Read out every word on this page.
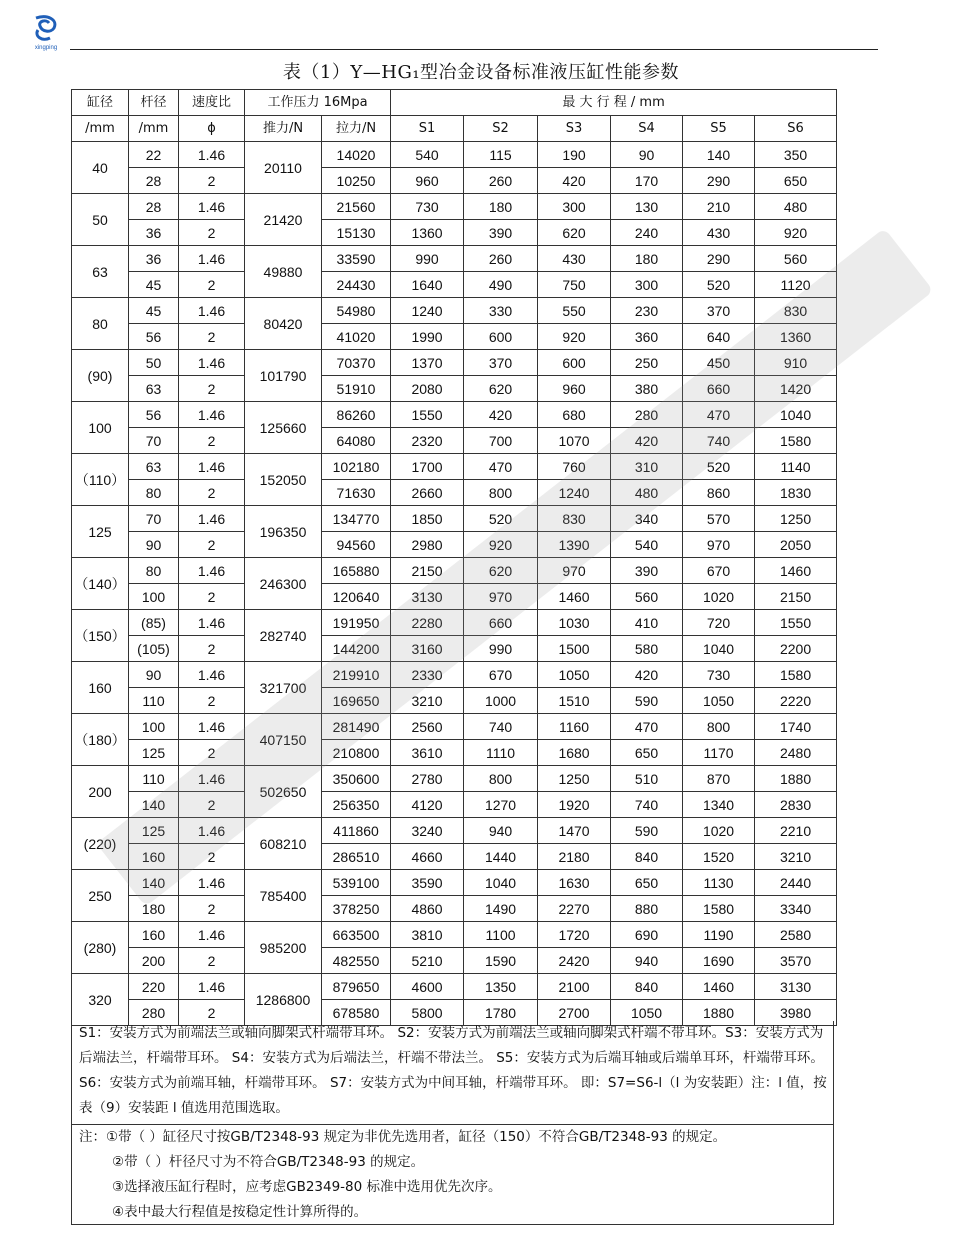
xingping
表（1）Y—HG₁型冶金设备标准液压缸性能参数
缸径	杆径	速度比	工作压力 16Mpa		最 大 行 程 / mm					
/mm	/mm	ϕ	推力/N	拉力/N	S1	S2	S3	S4	S5	S6
40	22	1.46	20110	14020	540	115	190	90	140	350
	28	2		10250	960	260	420	170	290	650
50	28	1.46	21420	21560	730	180	300	130	210	480
	36	2		15130	1360	390	620	240	430	920
63	36	1.46	49880	33590	990	260	430	180	290	560
	45	2		24430	1640	490	750	300	520	1120
80	45	1.46	80420	54980	1240	330	550	230	370	830
	56	2		41020	1990	600	920	360	640	1360
(90)	50	1.46	101790	70370	1370	370	600	250	450	910
	63	2		51910	2080	620	960	380	660	1420
100	56	1.46	125660	86260	1550	420	680	280	470	1040
	70	2		64080	2320	700	1070	420	740	1580
（110）	63	1.46	152050	102180	1700	470	760	310	520	1140
	80	2		71630	2660	800	1240	480	860	1830
125	70	1.46	196350	134770	1850	520	830	340	570	1250
	90	2		94560	2980	920	1390	540	970	2050
（140）	80	1.46	246300	165880	2150	620	970	390	670	1460
	100	2		120640	3130	970	1460	560	1020	2150
（150）	(85)	1.46	282740	191950	2280	660	1030	410	720	1550
	(105)	2		144200	3160	990	1500	580	1040	2200
160	90	1.46	321700	219910	2330	670	1050	420	730	1580
	110	2		169650	3210	1000	1510	590	1050	2220
（180）	100	1.46	407150	281490	2560	740	1160	470	800	1740
	125	2		210800	3610	1110	1680	650	1170	2480
200	110	1.46	502650	350600	2780	800	1250	510	870	1880
	140	2		256350	4120	1270	1920	740	1340	2830
(220)	125	1.46	608210	411860	3240	940	1470	590	1020	2210
	160	2		286510	4660	1440	2180	840	1520	3210
250	140	1.46	785400	539100	3590	1040	1630	650	1130	2440
	180	2		378250	4860	1490	2270	880	1580	3340
(280)	160	1.46	985200	663500	3810	1100	1720	690	1190	2580
	200	2		482550	5210	1590	2420	940	1690	3570
320	220	1.46	1286800	879650	4600	1350	2100	840	1460	3130
	280	2		678580	5800	1780	2700	1050	1880	3980

S1：安装方式为前端法兰或轴向脚架式杆端带耳环。 S2：安装方式为前端法兰或轴向脚架式杆端不带耳环。S3：安装方式为后端法兰，杆端带耳环。 S4：安装方式为后端法兰，杆端不带法兰。 S5：安装方式为后端耳轴或后端单耳环，杆端带耳环。 S6：安装方式为前端耳轴，杆端带耳环。 S7：安装方式为中间耳轴，杆端带耳环。 即：S7=S6-l（l 为安装距）注：l 值，按表（9）安装距 l 值选用范围选取。

注：①带（ ）缸径尺寸按GB/T2348-93 规定为非优先选用者，缸径（150）不符合GB/T2348-93 的规定。

②带（ ）杆径尺寸为不符合GB/T2348-93 的规定。

③选择液压缸行程时，应考虑GB2349-80 标准中选用优先次序。

④表中最大行程值是按稳定性计算所得的。
